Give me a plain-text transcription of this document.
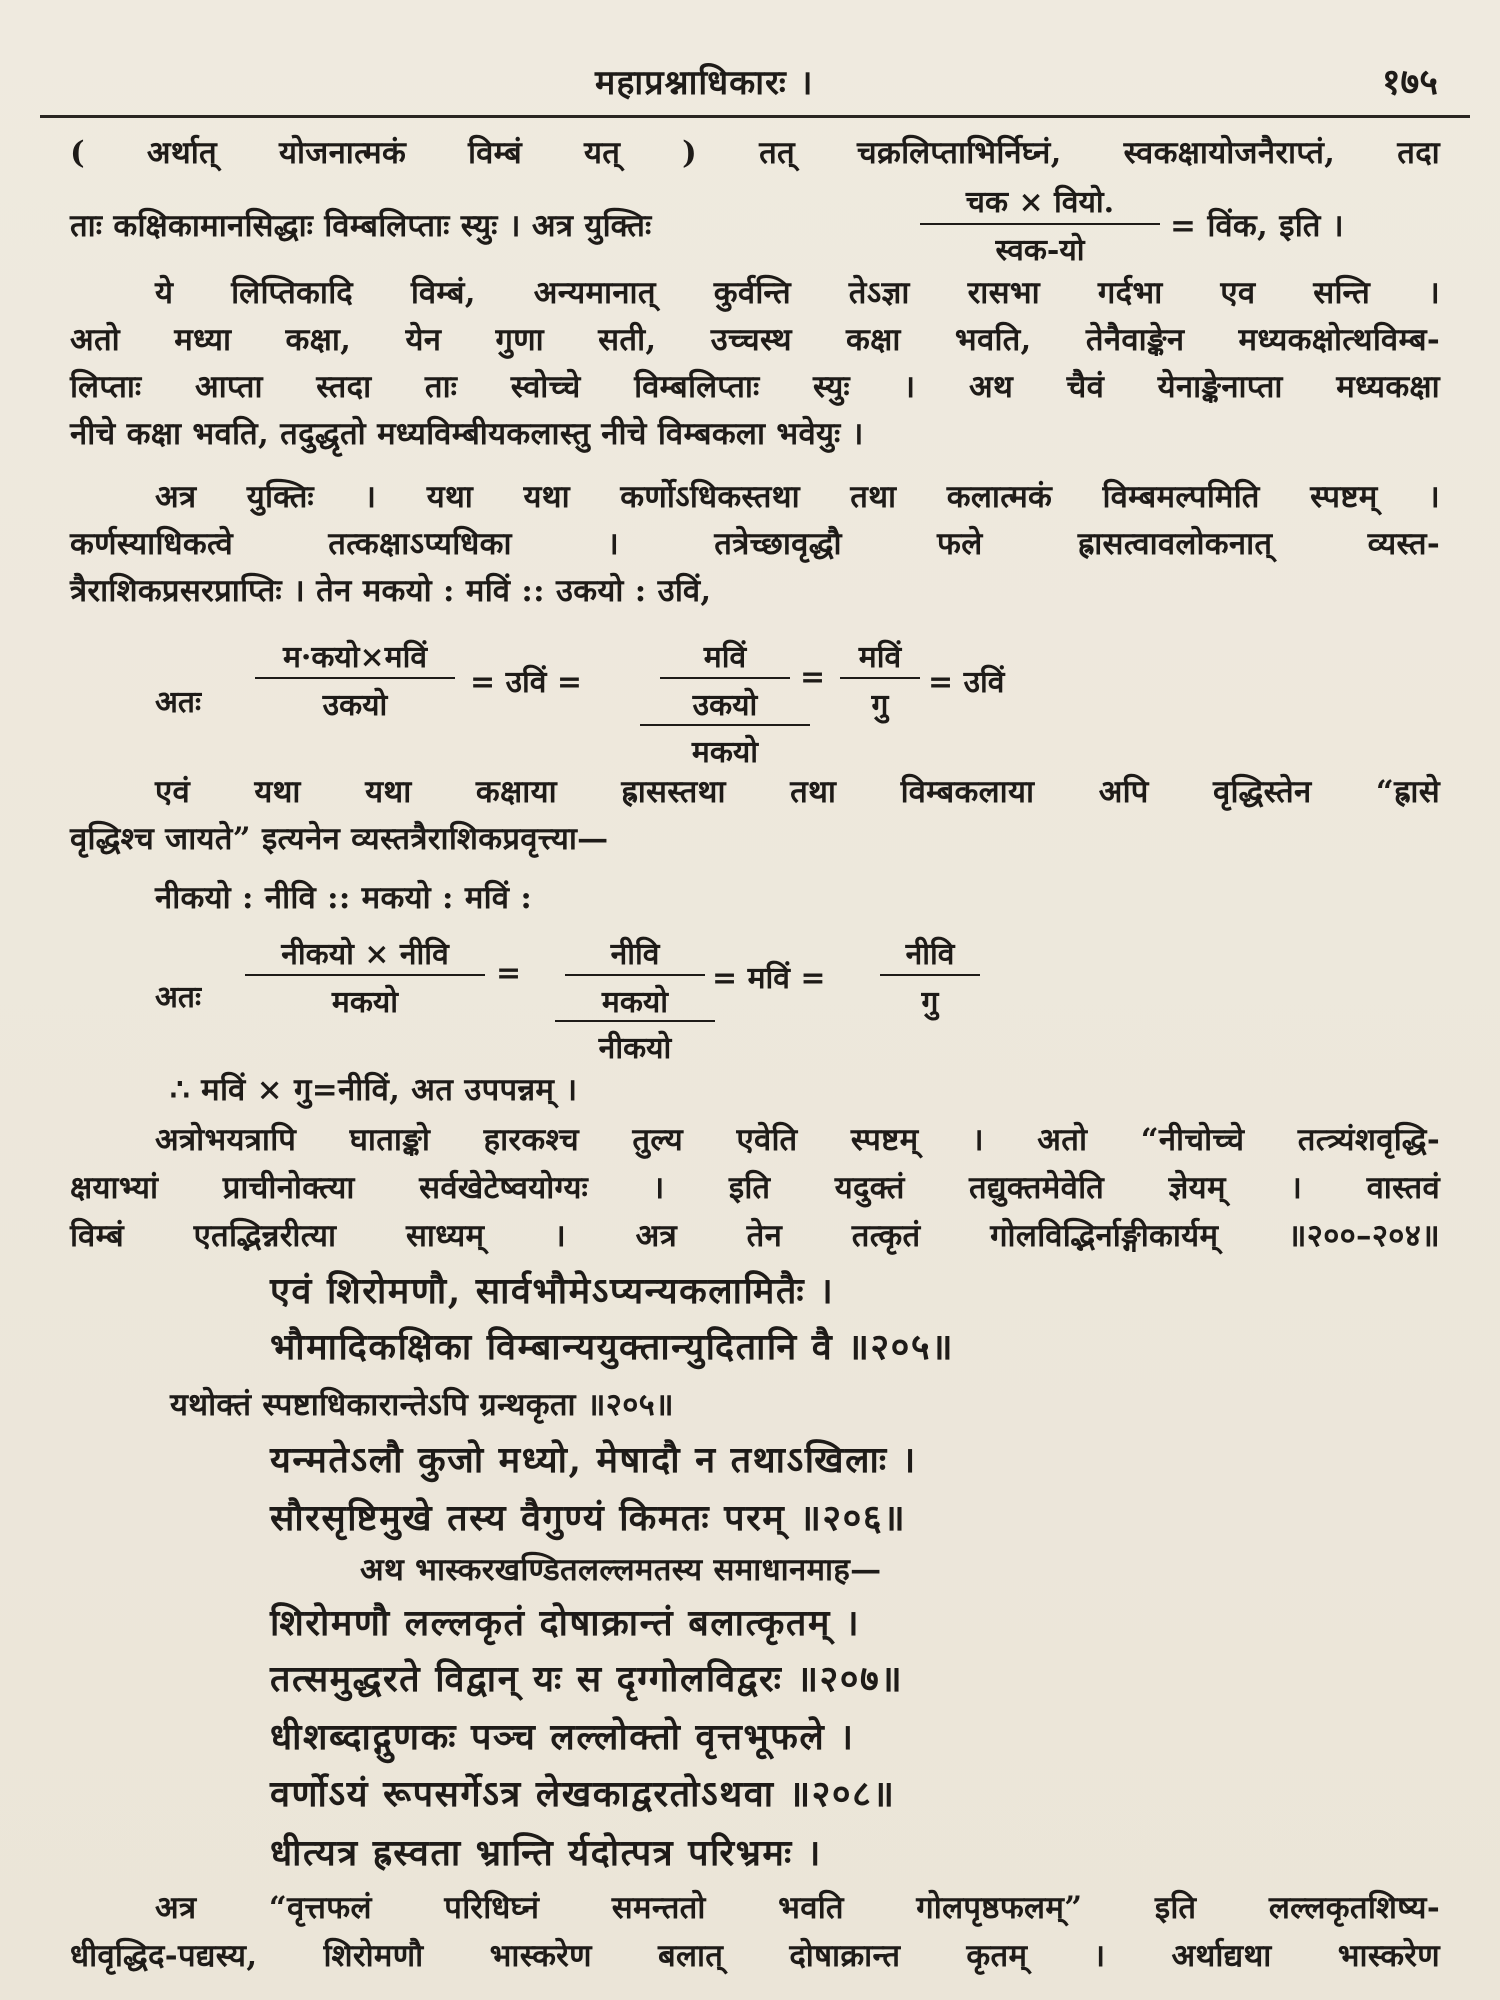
महाप्रश्नाधिकारः ।	१७५
( अर्थात् योजनात्मकं विम्बं यत् ) तत् चक्रलिप्ताभिर्निघ्नं, स्वकक्षायोजनैराप्तं, तदा
ताः कक्षिकामानसिद्धाः विम्बलिप्ताः स्युः । अत्र युक्तिः
चक × वियो.
स्वक-यो
= विंक, इति ।
ये लिप्तिकादि विम्बं, अन्यमानात् कुर्वन्ति तेऽज्ञा रासभा गर्दभा एव सन्ति ।
अतो मध्या कक्षा, येन गुणा सती, उच्चस्थ कक्षा भवति, तेनैवाङ्केन मध्यकक्षोत्थविम्ब-
लिप्ताः आप्ता स्तदा ताः स्वोच्चे विम्बलिप्ताः स्युः । अथ चैवं येनाङ्केनाप्ता मध्यकक्षा
नीचे कक्षा भवति, तदुद्धृतो मध्यविम्बीयकलास्तु नीचे विम्बकला भवेयुः ।
अत्र युक्तिः । यथा यथा कर्णोऽधिकस्तथा तथा कलात्मकं विम्बमल्पमिति स्पष्टम् ।
कर्णस्याधिकत्वे तत्कक्षाऽप्यधिका । तत्रेच्छावृद्धौ फले ह्रासत्वावलोकनात् व्यस्त-
त्रैराशिकप्रसरप्राप्तिः । तेन मकयो : मविं :: उकयो : उविं,
अतः
म·कयो×मविं
उकयो
= उविं =
मविं
उकयो
मकयो
=
मविं
गु
= उविं
एवं यथा यथा कक्षाया ह्रासस्तथा तथा विम्बकलाया अपि वृद्धिस्तेन “ह्रासे
वृद्धिश्च जायते” इत्यनेन व्यस्तत्रैराशिकप्रवृत्त्या—
नीकयो : नीवि :: मकयो : मविं :
अतः
नीकयो × नीवि
मकयो
=
नीवि
मकयो
नीकयो
= मविं =
नीवि
गु
∴ मविं × गु=नीविं, अत उपपन्नम् ।
अत्रोभयत्रापि घाताङ्को हारकश्च तुल्य एवेति स्पष्टम् । अतो “नीचोच्चे तत्त्र्यंशवृद्धि-
क्षयाभ्यां प्राचीनोक्त्या सर्वखेटेष्वयोग्यः । इति यदुक्तं तद्युक्तमेवेति ज्ञेयम् । वास्तवं
विम्बं एतद्भिन्नरीत्या साध्यम् । अत्र तेन तत्कृतं गोलविद्भिर्नाङ्गीकार्यम् ॥२००–२०४॥
एवं शिरोमणौ, सार्वभौमेऽप्यन्यकलामितैः ।
भौमादिकक्षिका विम्बान्ययुक्तान्युदितानि वै ॥२०५॥
यथोक्तं स्पष्टाधिकारान्तेऽपि ग्रन्थकृता ॥२०५॥
यन्मतेऽलौ कुजो मध्यो, मेषादौ न तथाऽखिलाः ।
सौरसृष्टिमुखे तस्य वैगुण्यं किमतः परम् ॥२०६॥
अथ भास्करखण्डितलल्लमतस्य समाधानमाह—
शिरोमणौ लल्लकृतं दोषाक्रान्तं बलात्कृतम् ।
तत्समुद्धरते विद्वान् यः स दृग्गोलविद्वरः ॥२०७॥
धीशब्दाद्गुणकः पञ्च लल्लोक्तो वृत्तभूफले ।
वर्णोऽयं रूपसर्गेऽत्र लेखकाद्वरतोऽथवा ॥२०८॥
धीत्यत्र ह्रस्वता भ्रान्ति र्यदोत्पत्र परिभ्रमः ।
अत्र “वृत्तफलं परिधिघ्नं समन्ततो भवति गोलपृष्ठफलम्” इति लल्लकृतशिष्य-
धीवृद्धिद-पद्यस्य, शिरोमणौ भास्करेण बलात् दोषाक्रान्त कृतम् । अर्थाद्यथा भास्करेण
